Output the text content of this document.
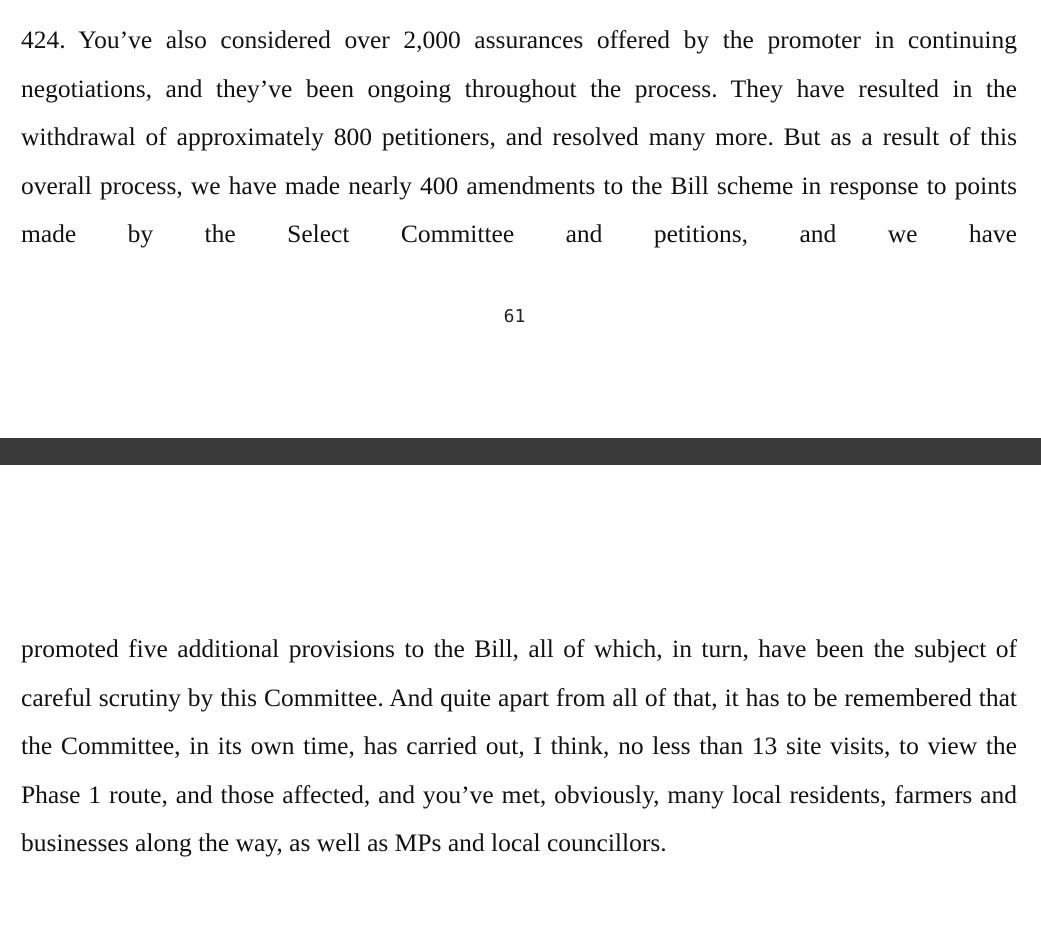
424. You’ve also considered over 2,000 assurances offered by the promoter in continuing negotiations, and they’ve been ongoing throughout the process. They have resulted in the withdrawal of approximately 800 petitioners, and resolved many more. But as a result of this overall process, we have made nearly 400 amendments to the Bill scheme in response to points made by the Select Committee and petitions, and we have

61

promoted five additional provisions to the Bill, all of which, in turn, have been the subject of careful scrutiny by this Committee. And quite apart from all of that, it has to be remembered that the Committee, in its own time, has carried out, I think, no less than 13 site visits, to view the Phase 1 route, and those affected, and you’ve met, obviously, many local residents, farmers and businesses along the way, as well as MPs and local councillors.
